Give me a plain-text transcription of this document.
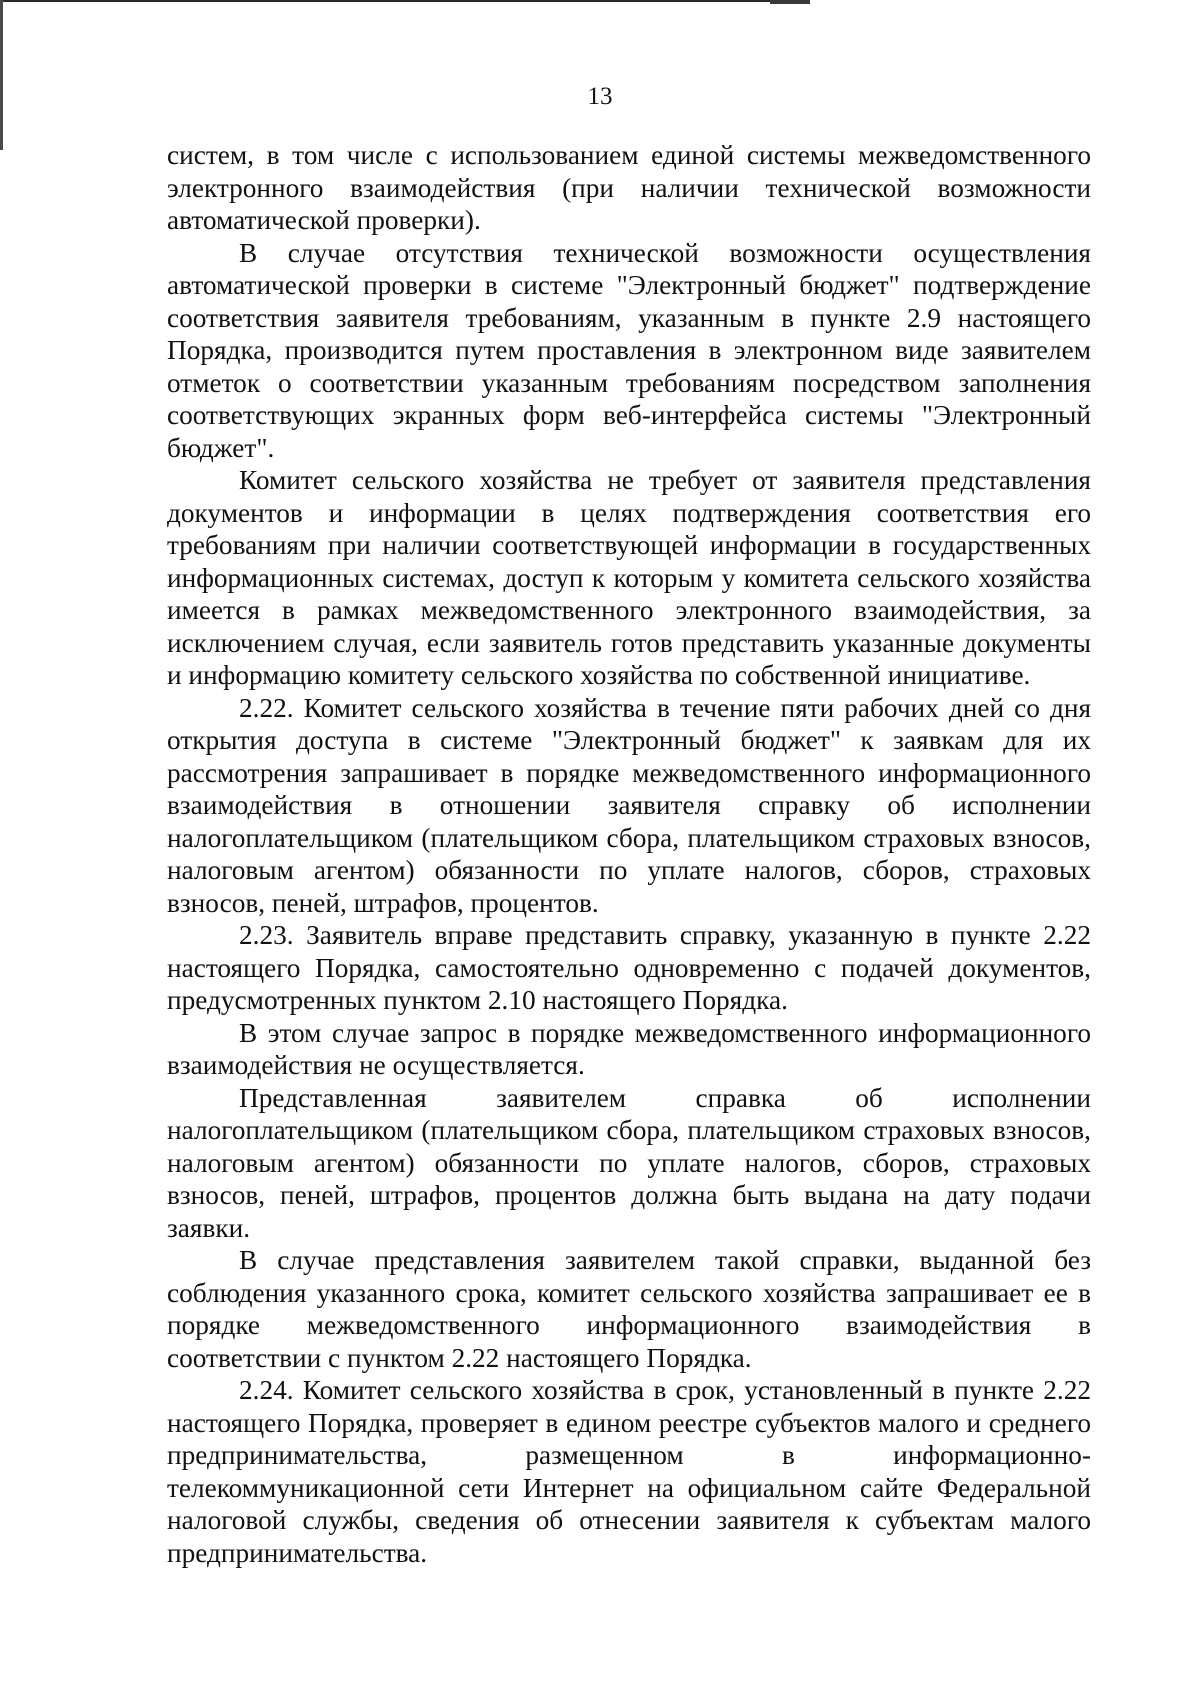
13

систем, в том числе с использованием единой системы межведомственного электронного взаимодействия (при наличии технической возможности автоматической проверки).

В случае отсутствия технической возможности осуществления автоматической проверки в системе "Электронный бюджет" подтверждение соответствия заявителя требованиям, указанным в пункте 2.9 настоящего Порядка, производится путем проставления в электронном виде заявителем отметок о соответствии указанным требованиям посредством заполнения соответствующих экранных форм веб-интерфейса системы "Электронный бюджет".

Комитет сельского хозяйства не требует от заявителя представления документов и информации в целях подтверждения соответствия его требованиям при наличии соответствующей информации в государственных информационных системах, доступ к которым у комитета сельского хозяйства имеется в рамках межведомственного электронного взаимодействия, за исключением случая, если заявитель готов представить указанные документы и информацию комитету сельского хозяйства по собственной инициативе.

2.22. Комитет сельского хозяйства в течение пяти рабочих дней со дня открытия доступа в системе "Электронный бюджет" к заявкам для их рассмотрения запрашивает в порядке межведомственного информационного взаимодействия в отношении заявителя справку об исполнении налогоплательщиком (плательщиком сбора, плательщиком страховых взносов, налоговым агентом) обязанности по уплате налогов, сборов, страховых взносов, пеней, штрафов, процентов.

2.23. Заявитель вправе представить справку, указанную в пункте 2.22 настоящего Порядка, самостоятельно одновременно с подачей документов, предусмотренных пунктом 2.10 настоящего Порядка.

В этом случае запрос в порядке межведомственного информационного взаимодействия не осуществляется.

Представленная заявителем справка об исполнении налогоплательщиком (плательщиком сбора, плательщиком страховых взносов, налоговым агентом) обязанности по уплате налогов, сборов, страховых взносов, пеней, штрафов, процентов должна быть выдана на дату подачи заявки.

В случае представления заявителем такой справки, выданной без соблюдения указанного срока, комитет сельского хозяйства запрашивает ее в порядке межведомственного информационного взаимодействия в соответствии с пунктом 2.22 настоящего Порядка.

2.24. Комитет сельского хозяйства в срок, установленный в пункте 2.22 настоящего Порядка, проверяет в едином реестре субъектов малого и среднего предпринимательства, размещенном в информационно-телекоммуникационной сети Интернет на официальном сайте Федеральной налоговой службы, сведения об отнесении заявителя к субъектам малого предпринимательства.
